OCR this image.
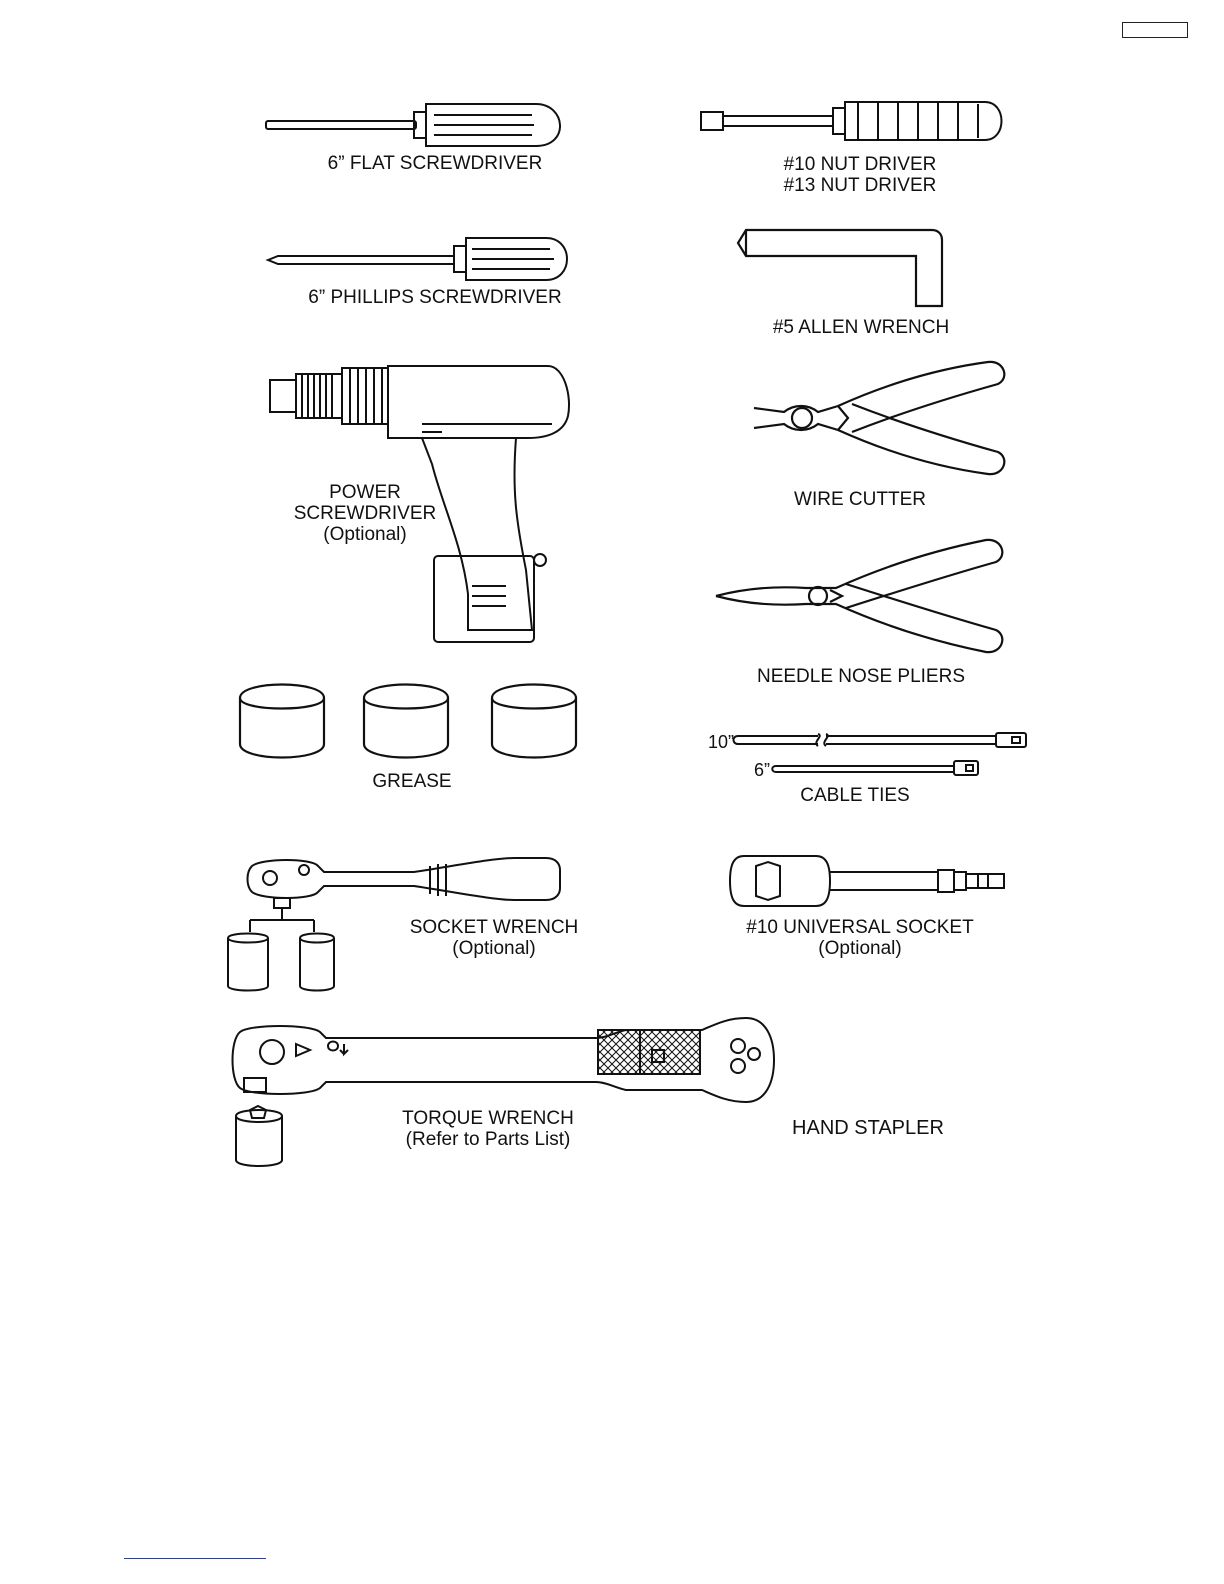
6” FLAT SCREWDRIVER	#10 NUT DRIVER
#13 NUT DRIVER
6” PHILLIPS SCREWDRIVER
#5 ALLEN WRENCH
POWER
SCREWDRIVER
(Optional)
WIRE CUTTER
NEEDLE NOSE PLIERS
GREASE
10”
6”
CABLE TIES
SOCKET WRENCH
(Optional)
#10 UNIVERSAL SOCKET
(Optional)
TORQUE WRENCH
(Refer to Parts List)
HAND STAPLER
